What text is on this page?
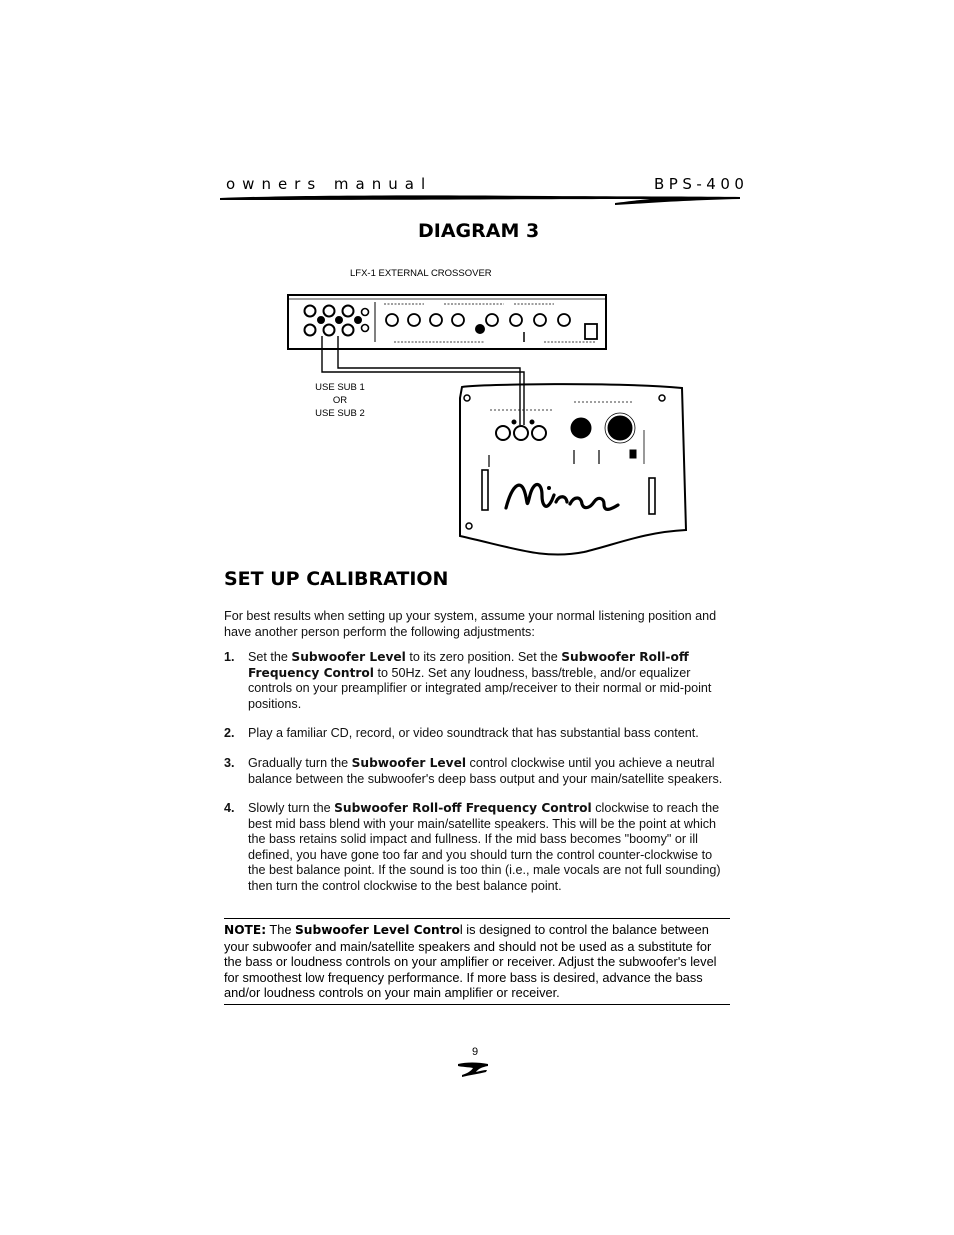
owners manual	BPS-400
DIAGRAM 3
LFX-1 EXTERNAL CROSSOVER
USE SUB 1
OR
USE SUB 2
SET UP CALIBRATION
For best results when setting up your system, assume your normal listening position and have another person perform the following adjustments:
1. Set the Subwoofer Level to its zero position. Set the Subwoofer Roll-off Frequency Control to 50Hz. Set any loudness, bass/treble, and/or equalizer controls on your preamplifier or integrated amp/receiver to their normal or mid-point positions.
2. Play a familiar CD, record, or video soundtrack that has substantial bass content.
3. Gradually turn the Subwoofer Level control clockwise until you achieve a neutral balance between the subwoofer's deep bass output and your main/satellite speakers.
4. Slowly turn the Subwoofer Roll-off Frequency Control clockwise to reach the best mid bass blend with your main/satellite speakers. This will be the point at which the bass retains solid impact and fullness. If the mid bass becomes "boomy" or ill defined, you have gone too far and you should turn the control counter-clockwise to the best balance point. If the sound is too thin (i.e., male vocals are not full sounding) then turn the control clockwise to the best balance point.
NOTE: The Subwoofer Level Control is designed to control the balance between your subwoofer and main/satellite speakers and should not be used as a substitute for the bass or loudness controls on your amplifier or receiver. Adjust the subwoofer's level for smoothest low frequency performance. If more bass is desired, advance the bass and/or loudness controls on your main amplifier or receiver.
9
